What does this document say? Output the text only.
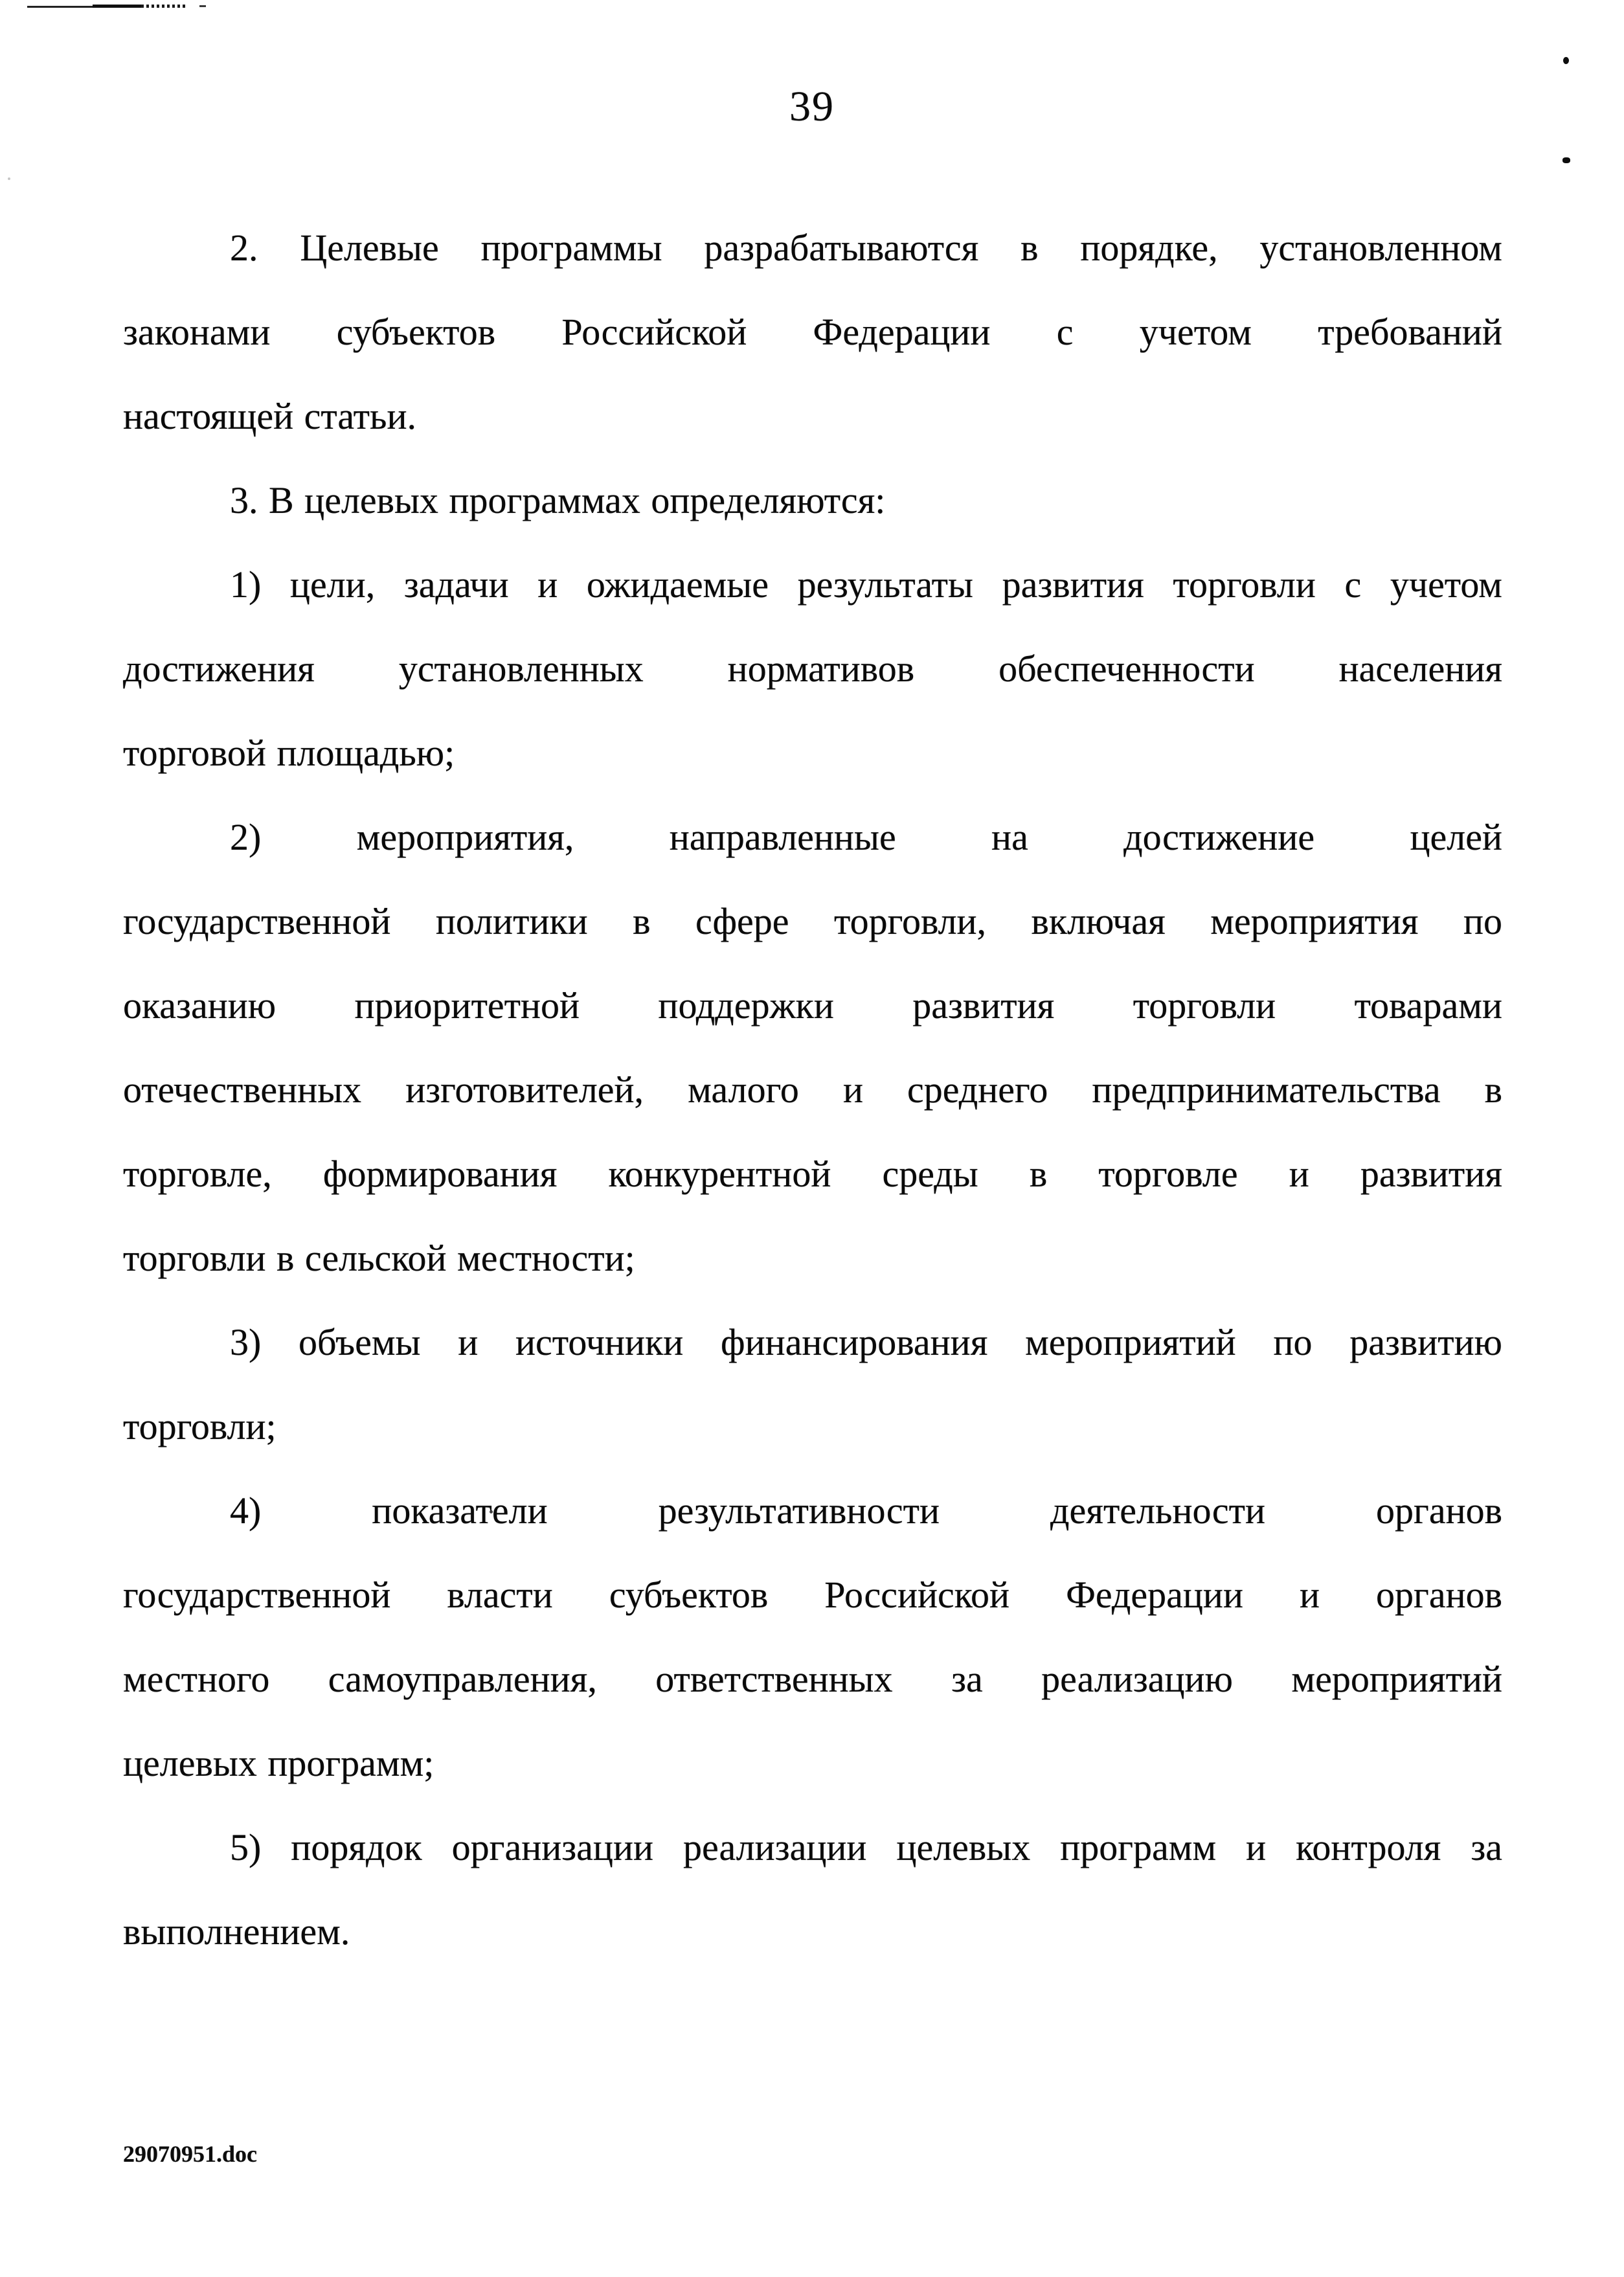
39
2. Целевые программы разрабатываются в порядке, установленном
законами субъектов Российской Федерации с учетом требований
настоящей статьи.
3. В целевых программах определяются:
1) цели, задачи и ожидаемые результаты развития торговли с учетом
достижения установленных нормативов обеспеченности населения
торговой площадью;
2) мероприятия, направленные на достижение целей
государственной политики в сфере торговли, включая мероприятия по
оказанию приоритетной поддержки развития торговли товарами
отечественных изготовителей, малого и среднего предпринимательства в
торговле, формирования конкурентной среды в торговле и развития
торговли в сельской местности;
3) объемы и источники финансирования мероприятий по развитию
торговли;
4) показатели результативности деятельности органов
государственной власти субъектов Российской Федерации и органов
местного самоуправления, ответственных за реализацию мероприятий
целевых программ;
5) порядок организации реализации целевых программ и контроля за
выполнением.
29070951.doc
